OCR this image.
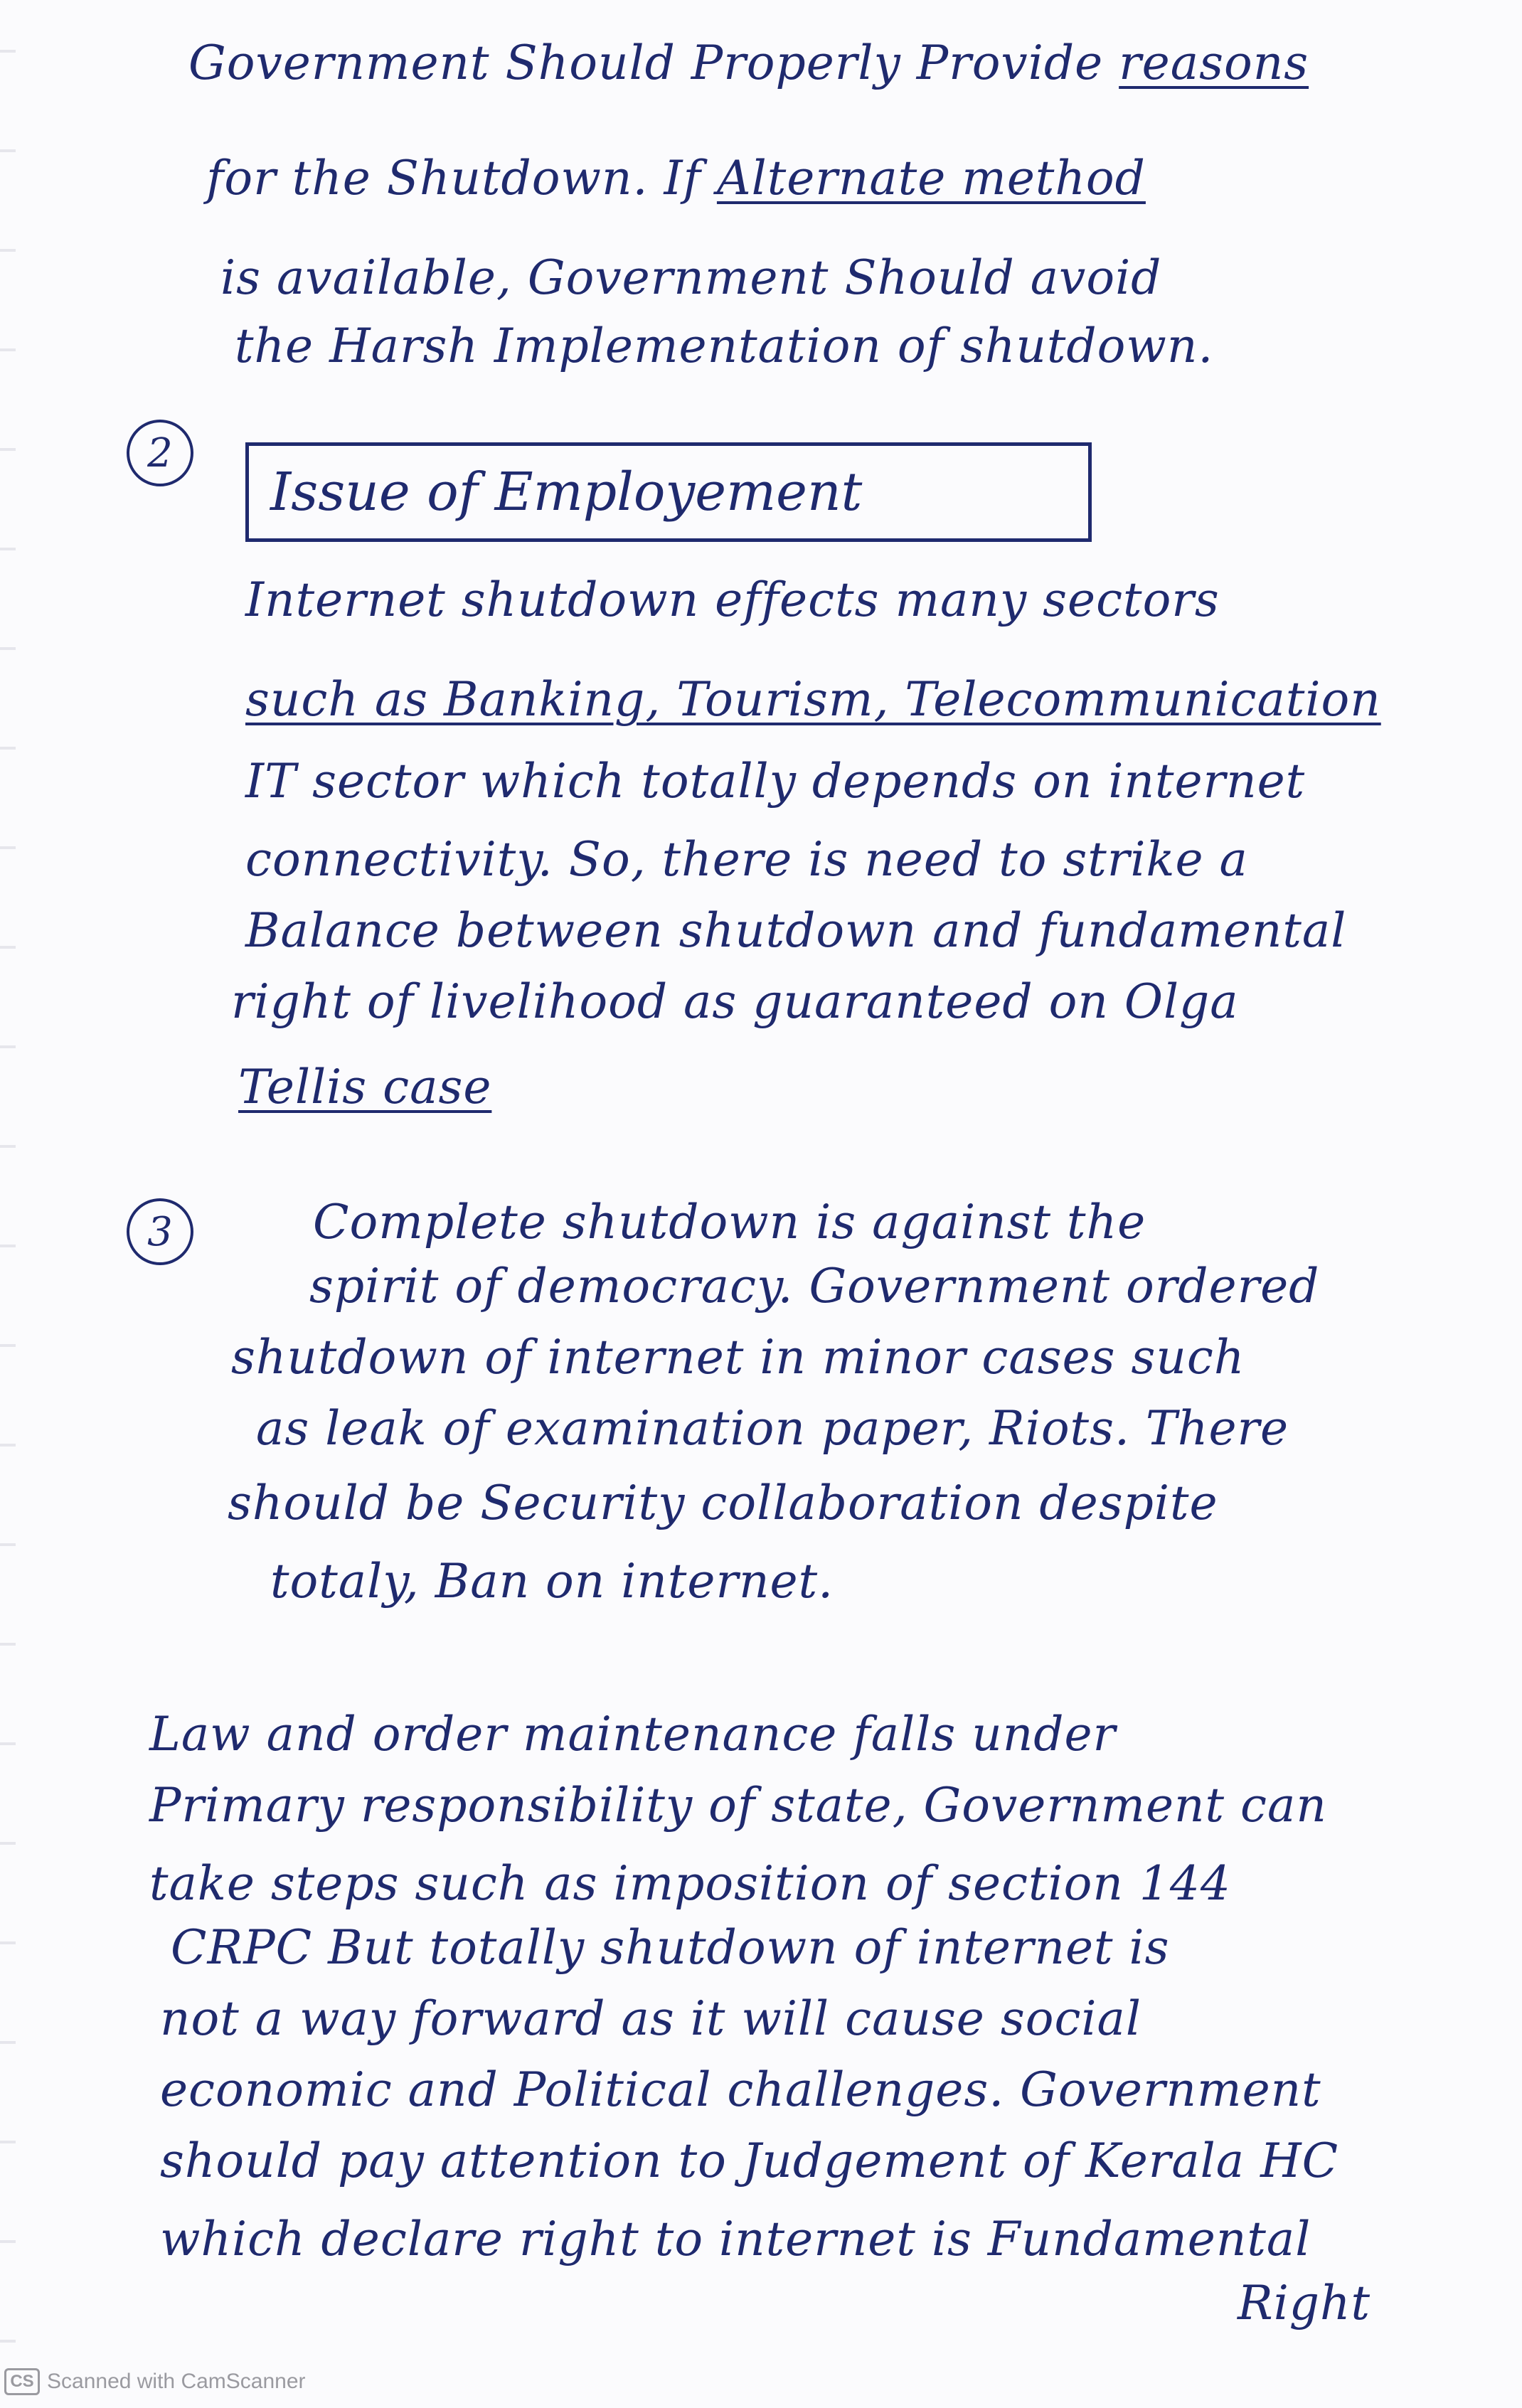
Government Should Properly Provide reasons
for the Shutdown. If Alternate method
is available, Government Should avoid
the Harsh Implementation of shutdown.
2
Issue of Employement
Internet shutdown effects many sectors
such as Banking, Tourism, Telecommunication
IT sector which totally depends on internet
connectivity. So, there is need to strike a
Balance between shutdown and fundamental
right of livelihood as guaranteed on Olga
Tellis case
3	Complete shutdown is against the
spirit of democracy. Government ordered
shutdown of internet in minor cases such
as leak of examination paper, Riots. There
should be Security collaboration despite
totaly, Ban on internet.
Law and order maintenance falls under
Primary responsibility of state, Government can
take steps such as imposition of section 144
CRPC But totally shutdown of internet is
not a way forward as it will cause social
economic and Political challenges. Government
should pay attention to Judgement of Kerala HC
which declare right to internet is Fundamental
Right
CS Scanned with CamScanner
